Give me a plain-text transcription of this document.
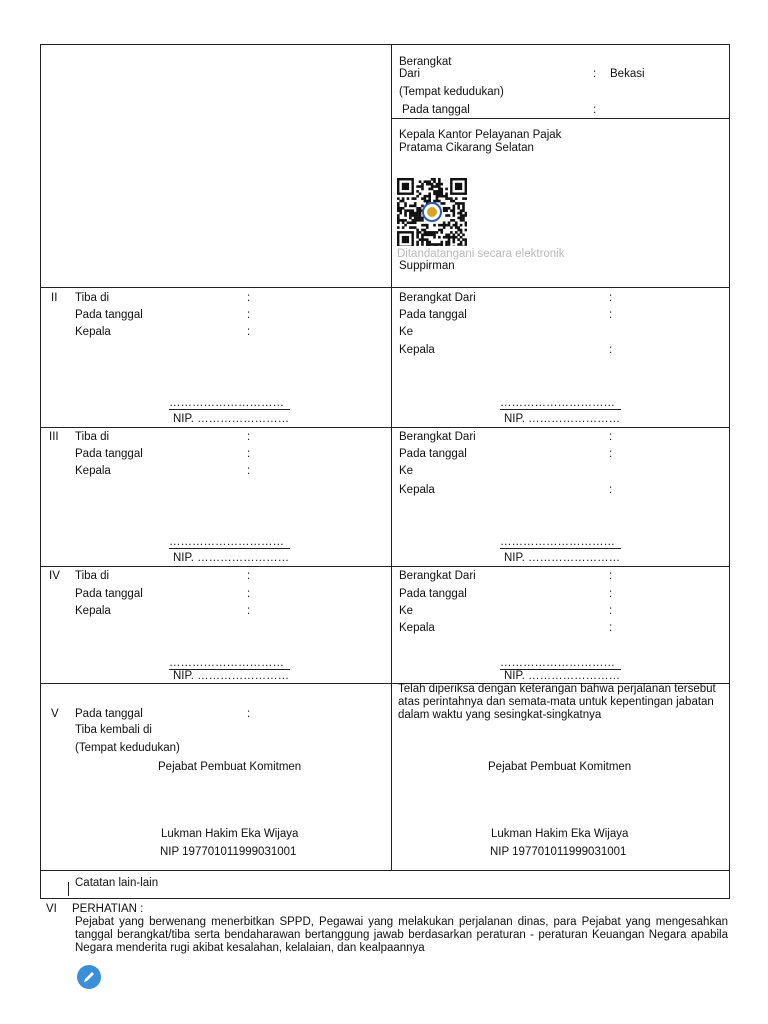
Berangkat
Dari	: Bekasi
(Tempat kedudukan)
Pada tanggal	:
Kepala Kantor Pelayanan Pajak
Pratama Cikarang Selatan
Ditandatangani secara elektronik
Suppirman
II Tiba di	:
Pada tanggal	:
Kepala	:
…………………………
NIP. ……………………
Berangkat Dari	:
Pada tanggal	:
Ke
Kepala	:
…………………………
NIP. ……………………
III Tiba di	:
Pada tanggal	:
Kepala	:
…………………………
NIP. ……………………
Berangkat Dari	:
Pada tanggal	:
Ke
Kepala	:
…………………………
NIP. ……………………
IV Tiba di	:
Pada tanggal	:
Kepala	:
…………………………
NIP. ……………………
Berangkat Dari	:
Pada tanggal	:
Ke	:
Kepala	:
…………………………
NIP. ……………………
V Pada tanggal	:
Tiba kembali di
(Tempat kedudukan)
Pejabat Pembuat Komitmen
Lukman Hakim Eka Wijaya
NIP 197701011999031001
Telah diperiksa dengan keterangan bahwa perjalanan tersebut
atas perintahnya dan semata-mata untuk kepentingan jabatan
dalam waktu yang sesingkat-singkatnya
Pejabat Pembuat Komitmen
Lukman Hakim Eka Wijaya
NIP 197701011999031001
Catatan lain-lain
VI PERHATIAN :
Pejabat yang berwenang menerbitkan SPPD, Pegawai yang melakukan perjalanan dinas, para Pejabat yang mengesahkan tanggal berangkat/tiba serta bendaharawan bertanggung jawab berdasarkan peraturan - peraturan Keuangan Negara apabila Negara menderita rugi akibat kesalahan, kelalaian, dan kealpaannya
